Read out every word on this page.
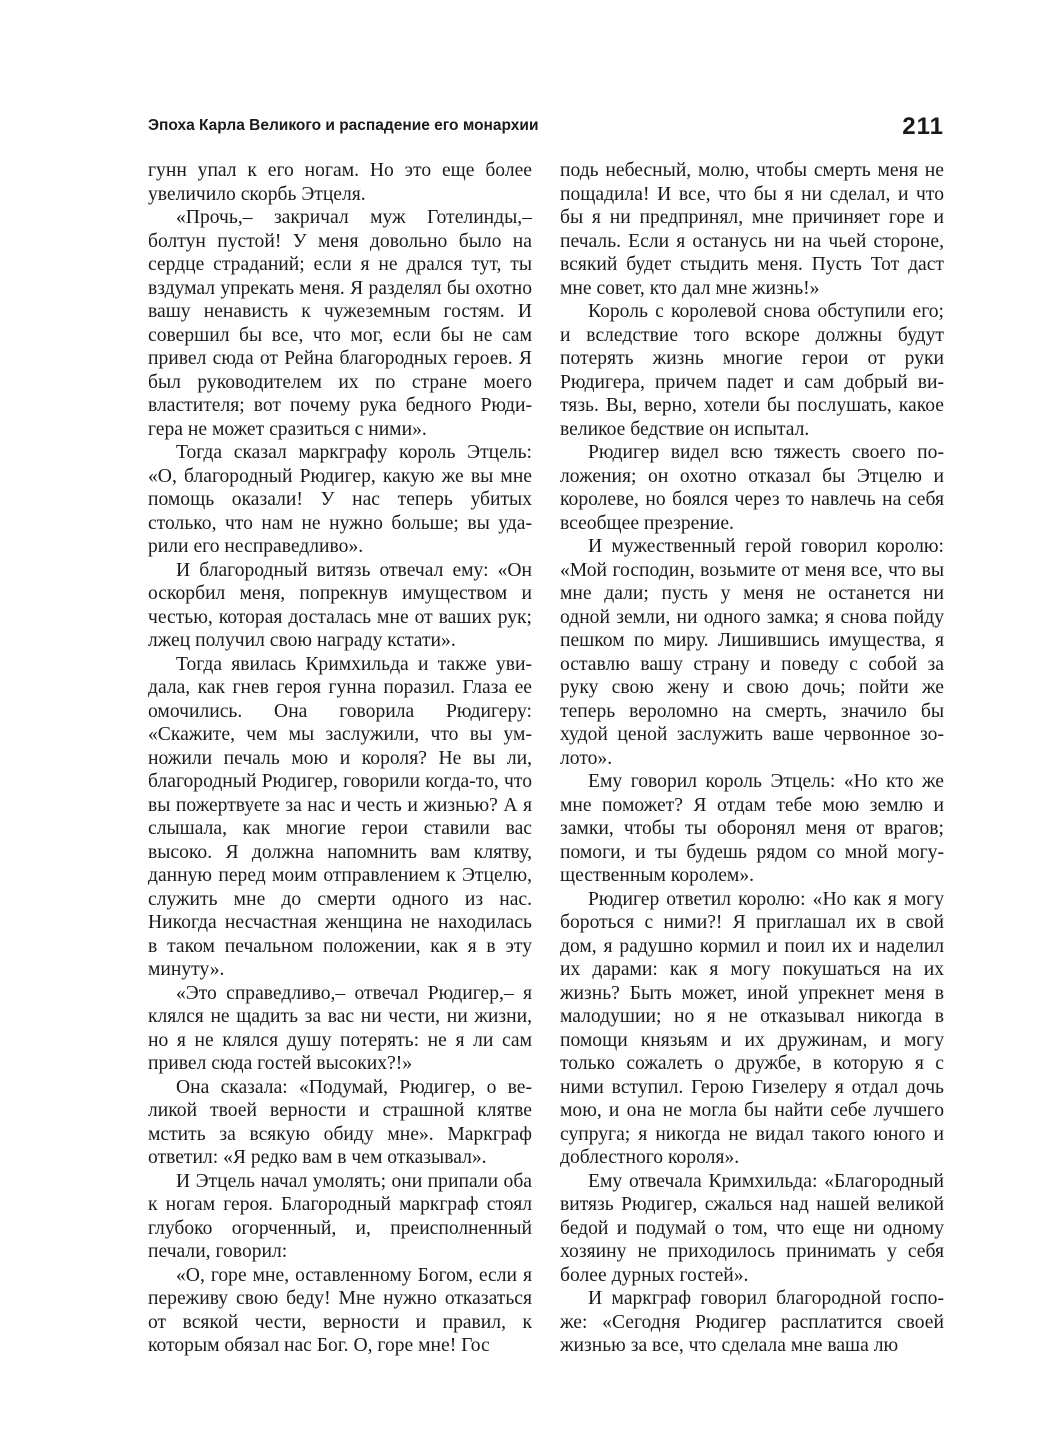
Эпоха Карла Великого и распадение его монархии	211

гунн упал к его ногам. Но это еще более увеличило скорбь Этцеля.

«Прочь,– закричал муж Готелинды,– болтун пустой! У меня довольно было на сердце страданий; если я не дрался тут, ты вздумал упрекать меня. Я разделял бы охотно вашу ненависть к чужеземным гостям. И совершил бы все, что мог, если бы не сам привел сюда от Рейна благородных героев. Я был руководителем их по стране моего властителя; вот почему рука бедного Рюдигера не может сразиться с ними».

Тогда сказал маркграфу король Этцель: «О, благородный Рюдигер, какую же вы мне помощь оказали! У нас теперь убитых столько, что нам не нужно больше; вы ударили его несправедливо».

И благородный витязь отвечал ему: «Он оскорбил меня, попрекнув имуществом и честью, которая досталась мне от ваших рук; лжец получил свою награду кстати».

Тогда явилась Кримхильда и также увидала, как гнев героя гунна поразил. Глаза ее омочились. Она говорила Рюдигеру: «Скажите, чем мы заслужили, что вы умножили печаль мою и короля? Не вы ли, благородный Рюдигер, говорили когда-то, что вы пожертвуете за нас и честь и жизнью? А я слышала, как многие герои ставили вас высоко. Я должна напомнить вам клятву, данную перед моим отправлением к Этцелю, служить мне до смерти одного из нас. Никогда несчастная женщина не находилась в таком печальном положении, как я в эту минуту».

«Это справедливо,– отвечал Рюдигер,– я клялся не щадить за вас ни чести, ни жизни, но я не клялся душу потерять: не я ли сам привел сюда гостей высоких?!»

Она сказала: «Подумай, Рюдигер, о великой твоей верности и страшной клятве мстить за всякую обиду мне». Маркграф ответил: «Я редко вам в чем отказывал».

И Этцель начал умолять; они припали оба к ногам героя. Благородный маркграф стоял глубоко огорченный, и, преисполненный печали, говорил:

«О, горе мне, оставленному Богом, если я переживу свою беду! Мне нужно отказаться от всякой чести, верности и правил, к которым обязал нас Бог. О, горе мне! Гос

подь небесный, молю, чтобы смерть меня не пощадила! И все, что бы я ни сделал, и что бы я ни предпринял, мне причиняет горе и печаль. Если я останусь ни на чьей стороне, всякий будет стыдить меня. Пусть Тот даст мне совет, кто дал мне жизнь!»

Король с королевой снова обступили его; и вследствие того вскоре должны будут потерять жизнь многие герои от руки Рюдигера, причем падет и сам добрый витязь. Вы, верно, хотели бы послушать, какое великое бедствие он испытал.

Рюдигер видел всю тяжесть своего положения; он охотно отказал бы Этцелю и королеве, но боялся через то навлечь на себя всеобщее презрение.

И мужественный герой говорил королю: «Мой господин, возьмите от меня все, что вы мне дали; пусть у меня не останется ни одной земли, ни одного замка; я снова пойду пешком по миру. Лишившись имущества, я оставлю вашу страну и поведу с собой за руку свою жену и свою дочь; пойти же теперь вероломно на смерть, значило бы худой ценой заслужить ваше червонное золото».

Ему говорил король Этцель: «Но кто же мне поможет? Я отдам тебе мою землю и замки, чтобы ты оборонял меня от врагов; помоги, и ты будешь рядом со мной могущественным королем».

Рюдигер ответил королю: «Но как я могу бороться с ними?! Я приглашал их в свой дом, я радушно кормил и поил их и наделил их дарами: как я могу покушаться на их жизнь? Быть может, иной упрекнет меня в малодушии; но я не отказывал никогда в помощи князьям и их дружинам, и могу только сожалеть о дружбе, в которую я с ними вступил. Герою Гизелеру я отдал дочь мою, и она не могла бы найти себе лучшего супруга; я никогда не видал такого юного и доблестного короля».

Ему отвечала Кримхильда: «Благородный витязь Рюдигер, сжалься над нашей великой бедой и подумай о том, что еще ни одному хозяину не приходилось принимать у себя более дурных гостей».

И маркграф говорил благородной госпоже: «Сегодня Рюдигер расплатится своей жизнью за все, что сделала мне ваша лю
